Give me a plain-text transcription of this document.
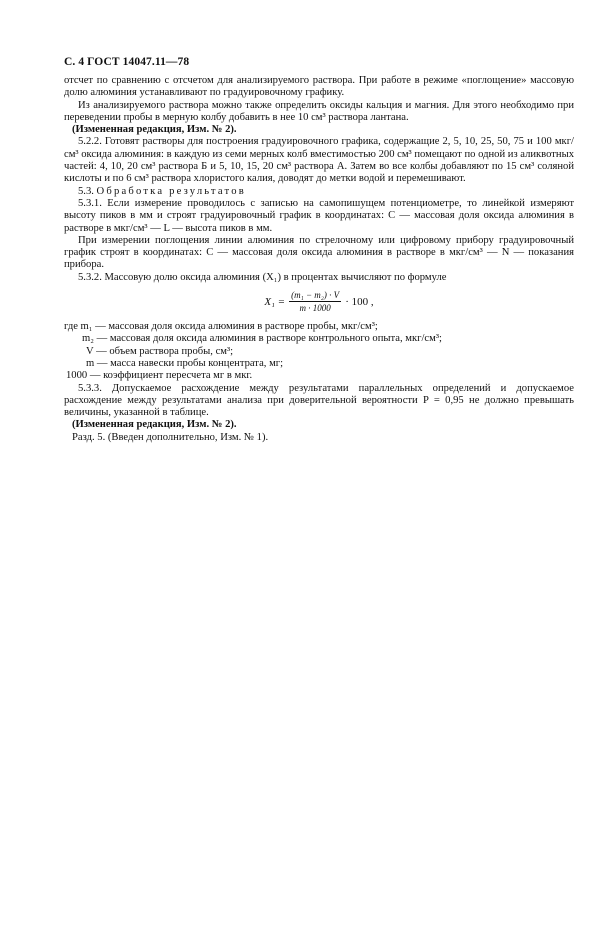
С. 4 ГОСТ 14047.11—78

отсчет по сравнению с отсчетом для анализируемого раствора. При работе в режиме «поглощение» массовую долю алюминия устанавливают по градуировочному графику.

Из анализируемого раствора можно также определить оксиды кальция и магния. Для этого необходимо при переведении пробы в мерную колбу добавить в нее 10 см³ раствора лантана.

(Измененная редакция, Изм. № 2).

5.2.2. Готовят растворы для построения градуировочного графика, содержащие 2, 5, 10, 25, 50, 75 и 100 мкг/см³ оксида алюминия: в каждую из семи мерных колб вместимостью 200 см³ помещают по одной из аликвотных частей: 4, 10, 20 см³ раствора Б и 5, 10, 15, 20 см³ раствора А. Затем во все колбы добавляют по 15 см³ соляной кислоты и по 6 см³ раствора хлористого калия, доводят до метки водой и перемешивают.

5.3. Обработка результатов

5.3.1. Если измерение проводилось с записью на самопишущем потенциометре, то линейкой измеряют высоту пиков в мм и строят градуировочный график в координатах: С — массовая доля оксида алюминия в растворе в мкг/см³ — L — высота пиков в мм.

При измерении поглощения линии алюминия по стрелочному или цифровому прибору градуировочный график строят в координатах: С — массовая доля оксида алюминия в растворе в мкг/см³ — N — показания прибора.

5.3.2. Массовую долю оксида алюминия (X₁) в процентах вычисляют по формуле

$X_1 = \frac{\text{(m₁ − m₂) · V}}{m \cdot 1000} \cdot 100$ ,

где m₁ — массовая доля оксида алюминия в растворе пробы, мкг/см³;

m₂ — массовая доля оксида алюминия в растворе контрольного опыта, мкг/см³;

V — объем раствора пробы, см³;

m — масса навески пробы концентрата, мг;

1000 — коэффициент пересчета мг в мкг.

5.3.3. Допускаемое расхождение между результатами параллельных определений и допускаемое расхождение между результатами анализа при доверительной вероятности P = 0,95 не должно превышать величины, указанной в таблице.

(Измененная редакция, Изм. № 2).

Разд. 5. (Введен дополнительно, Изм. № 1).
